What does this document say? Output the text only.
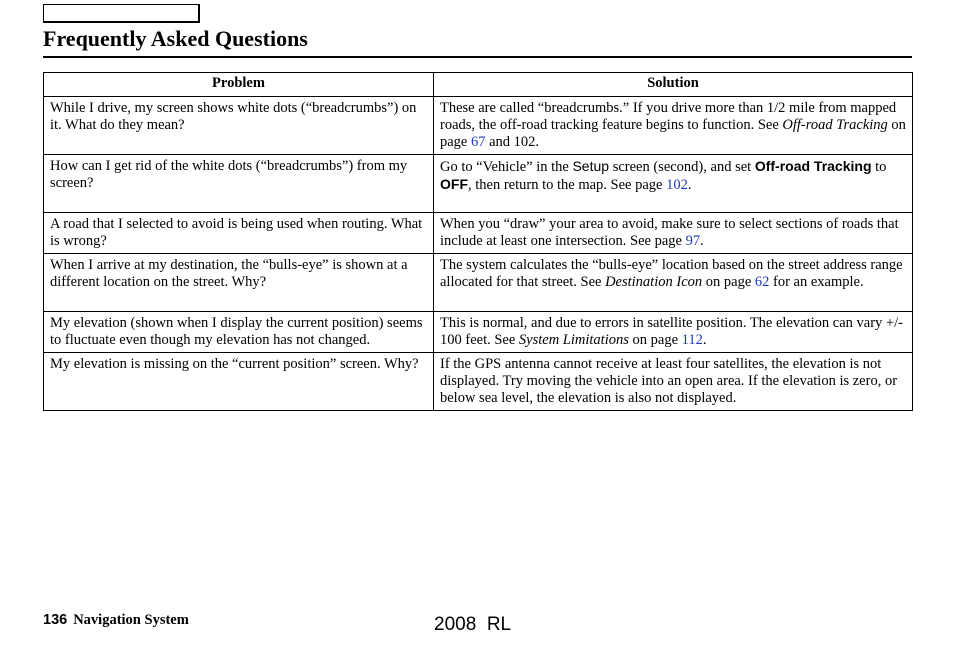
Frequently Asked Questions
Problem	Solution
While I drive, my screen shows white dots (“breadcrumbs”) on it. What do they mean?	These are called “breadcrumbs.” If you drive more than 1/2 mile from mapped roads, the off-road tracking feature begins to function. See Off-road Tracking on page 67 and 102.
How can I get rid of the white dots (“breadcrumbs”) from my screen?	Go to “Vehicle” in the Setup screen (second), and set Off-road Tracking to OFF, then return to the map. See page 102.
A road that I selected to avoid is being used when routing. What is wrong?	When you “draw” your area to avoid, make sure to select sections of roads that include at least one intersection. See page 97.
When I arrive at my destination, the “bulls-eye” is shown at a different location on the street. Why?	The system calculates the “bulls-eye” location based on the street address range allocated for that street. See Destination Icon on page 62 for an example.
My elevation (shown when I display the current position) seems to fluctuate even though my elevation has not changed.	This is normal, and due to errors in satellite position. The elevation can vary +/- 100 feet. See System Limitations on page 112.
My elevation is missing on the “current position” screen. Why?	If the GPS antenna cannot receive at least four satellites, the elevation is not displayed. Try moving the vehicle into an open area. If the elevation is zero, or below sea level, the elevation is also not displayed.
136 Navigation System	2008  RL
